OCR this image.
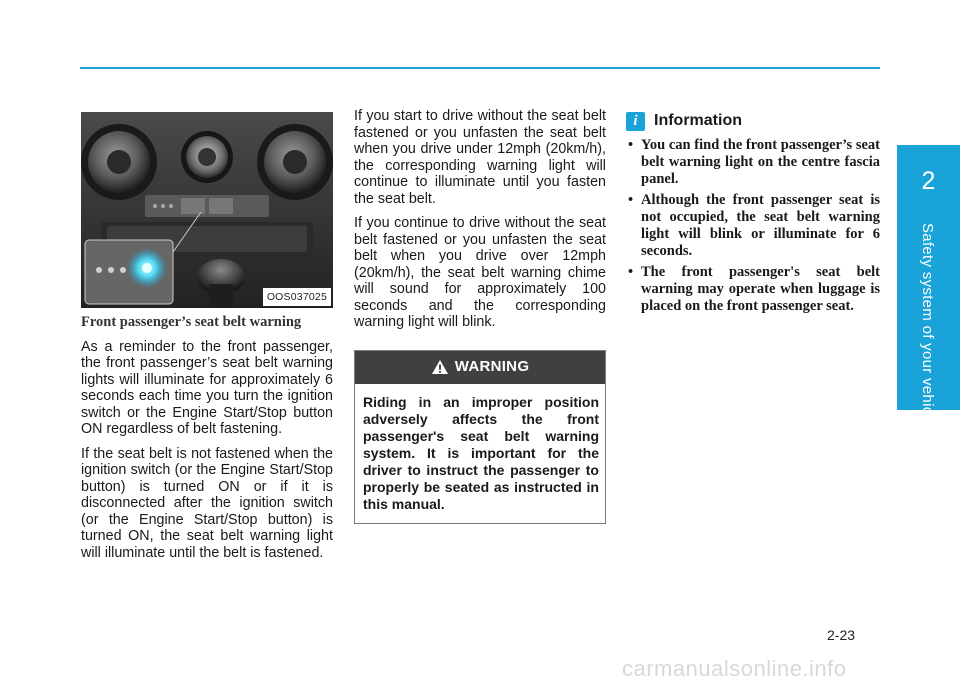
2
Safety system of your vehicle
OOS037025
Front passenger’s seat belt warning

As a reminder to the front passenger, the front passenger’s seat belt warning lights will illuminate for approximately 6 seconds each time you turn the ignition switch or the Engine Start/Stop button ON regardless of belt fastening.

If the seat belt is not fastened when the ignition switch (or the Engine Start/Stop button) is turned ON or if it is disconnected after the ignition switch (or the Engine Start/Stop button) is turned ON, the seat belt warning light will illuminate until the belt is fastened.

If you start to drive without the seat belt fastened or you unfasten the seat belt when you drive under 12mph (20km/h), the corresponding warning light will continue to illuminate until you fasten the seat belt.

If you continue to drive without the seat belt fastened or you unfasten the seat belt when you drive over 12mph (20km/h), the seat belt warning chime will sound for approximately 100 seconds and the corresponding warning light will blink.

WARNING
Riding in an improper position adversely affects the front passenger's seat belt warning system. It is important for the driver to instruct the passenger to properly be seated as instructed in this manual.
i	Information
• You can find the front passenger’s seat belt warning light on the centre fascia panel.
• Although the front passenger seat is not occupied, the seat belt warning light will blink or illuminate for 6 seconds.
• The front passenger's seat belt warning may operate when luggage is placed on the front passenger seat.
2-23
carmanualsonline.info
